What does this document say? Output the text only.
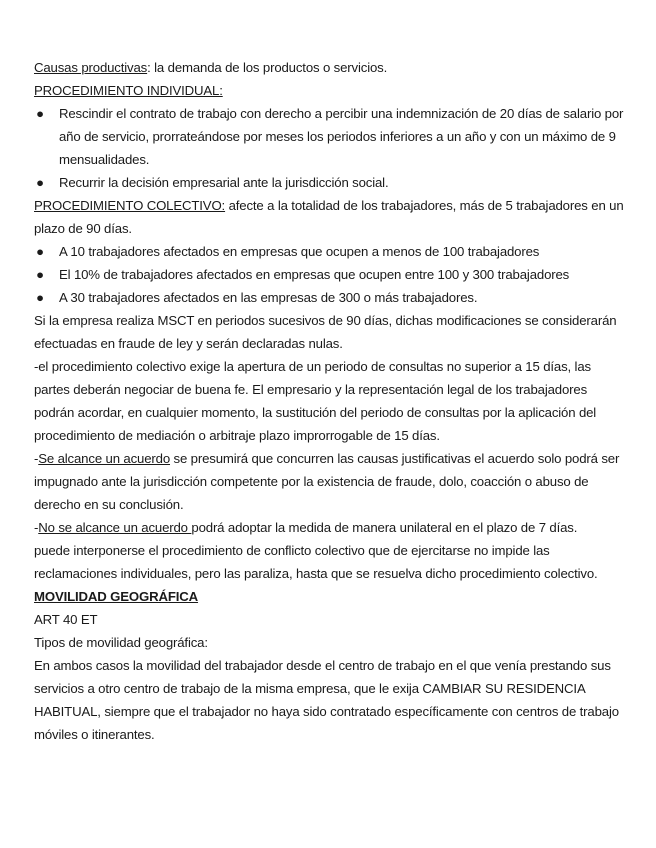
Causas productivas: la demanda de los productos o servicios.

PROCEDIMIENTO INDIVIDUAL:

● Rescindir el contrato de trabajo con derecho a percibir una indemnización de 20 días de salario por año de servicio, prorrateándose por meses los periodos inferiores a un año y con un máximo de 9 mensualidades.
● Recurrir la decisión empresarial ante la jurisdicción social.

PROCEDIMIENTO COLECTIVO: afecte a la totalidad de los trabajadores, más de 5 trabajadores en un plazo de 90 días.

● A 10 trabajadores afectados en empresas que ocupen a menos de 100 trabajadores
● El 10% de trabajadores afectados en empresas que ocupen entre 100 y 300 trabajadores
● A 30 trabajadores afectados en las empresas de 300 o más trabajadores.

Si la empresa realiza MSCT en periodos sucesivos de 90 días, dichas modificaciones se considerarán efectuadas en fraude de ley y serán declaradas nulas.

-el procedimiento colectivo exige la apertura de un periodo de consultas no superior a 15 días, las partes deberán negociar de buena fe. El empresario y la representación legal de los trabajadores podrán acordar, en cualquier momento, la sustitución del periodo de consultas por la aplicación del procedimiento de mediación o arbitraje plazo improrrogable de 15 días.

-Se alcance un acuerdo se presumirá que concurren las causas justificativas el acuerdo solo podrá ser impugnado ante la jurisdicción competente por la existencia de fraude, dolo, coacción o abuso de derecho en su conclusión.

-No se alcance un acuerdo podrá adoptar la medida de manera unilateral en el plazo de 7 días.

puede interponerse el procedimiento de conflicto colectivo que de ejercitarse no impide las reclamaciones individuales, pero las paraliza, hasta que se resuelva dicho procedimiento colectivo.

MOVILIDAD GEOGRÁFICA

ART 40 ET

Tipos de movilidad geográfica:

En ambos casos la movilidad del trabajador desde el centro de trabajo en el que venía prestando sus servicios a otro centro de trabajo de la misma empresa, que le exija CAMBIAR SU RESIDENCIA HABITUAL, siempre que el trabajador no haya sido contratado específicamente con centros de trabajo móviles o itinerantes.
